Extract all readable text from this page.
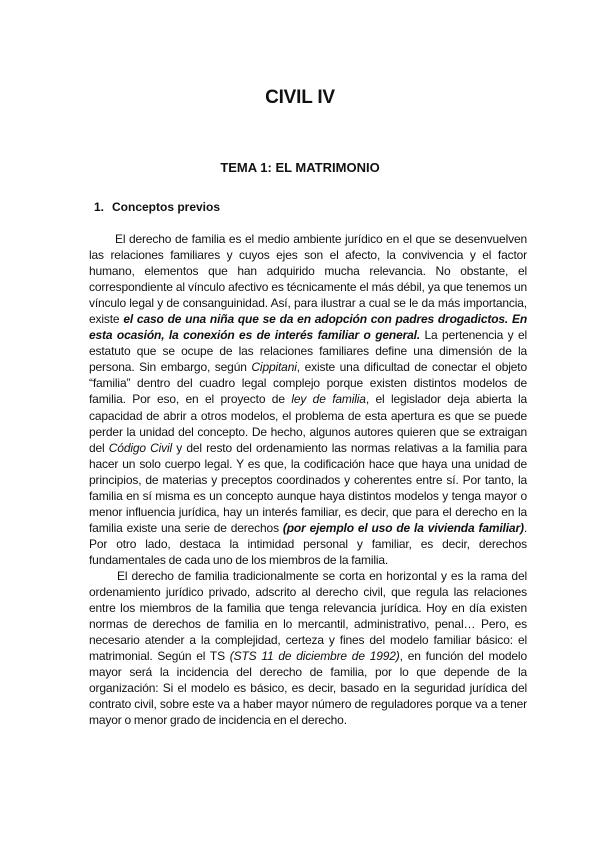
CIVIL IV
TEMA 1: EL MATRIMONIO
1. Conceptos previos

El derecho de familia es el medio ambiente jurídico en el que se desenvuelven las relaciones familiares y cuyos ejes son el afecto, la convivencia y el factor humano, elementos que han adquirido mucha relevancia. No obstante, el correspondiente al vínculo afectivo es técnicamente el más débil, ya que tenemos un vínculo legal y de consanguinidad. Así, para ilustrar a cual se le da más importancia, existe el caso de una niña que se da en adopción con padres drogadictos. En esta ocasión, la conexión es de interés familiar o general. La pertenencia y el estatuto que se ocupe de las relaciones familiares define una dimensión de la persona. Sin embargo, según Cippitani, existe una dificultad de conectar el objeto “familia” dentro del cuadro legal complejo porque existen distintos modelos de familia. Por eso, en el proyecto de ley de familia, el legislador deja abierta la capacidad de abrir a otros modelos, el problema de esta apertura es que se puede perder la unidad del concepto. De hecho, algunos autores quieren que se extraigan del Código Civil y del resto del ordenamiento las normas relativas a la familia para hacer un solo cuerpo legal. Y es que, la codificación hace que haya una unidad de principios, de materias y preceptos coordinados y coherentes entre sí. Por tanto, la familia en sí misma es un concepto aunque haya distintos modelos y tenga mayor o menor influencia jurídica, hay un interés familiar, es decir, que para el derecho en la familia existe una serie de derechos (por ejemplo el uso de la vivienda familiar). Por otro lado, destaca la intimidad personal y familiar, es decir, derechos fundamentales de cada uno de los miembros de la familia.

El derecho de familia tradicionalmente se corta en horizontal y es la rama del ordenamiento jurídico privado, adscrito al derecho civil, que regula las relaciones entre los miembros de la familia que tenga relevancia jurídica. Hoy en día existen normas de derechos de familia en lo mercantil, administrativo, penal… Pero, es necesario atender a la complejidad, certeza y fines del modelo familiar básico: el matrimonial. Según el TS (STS 11 de diciembre de 1992), en función del modelo mayor será la incidencia del derecho de familia, por lo que depende de la organización: Si el modelo es básico, es decir, basado en la seguridad jurídica del contrato civil, sobre este va a haber mayor número de reguladores porque va a tener mayor o menor grado de incidencia en el derecho.
